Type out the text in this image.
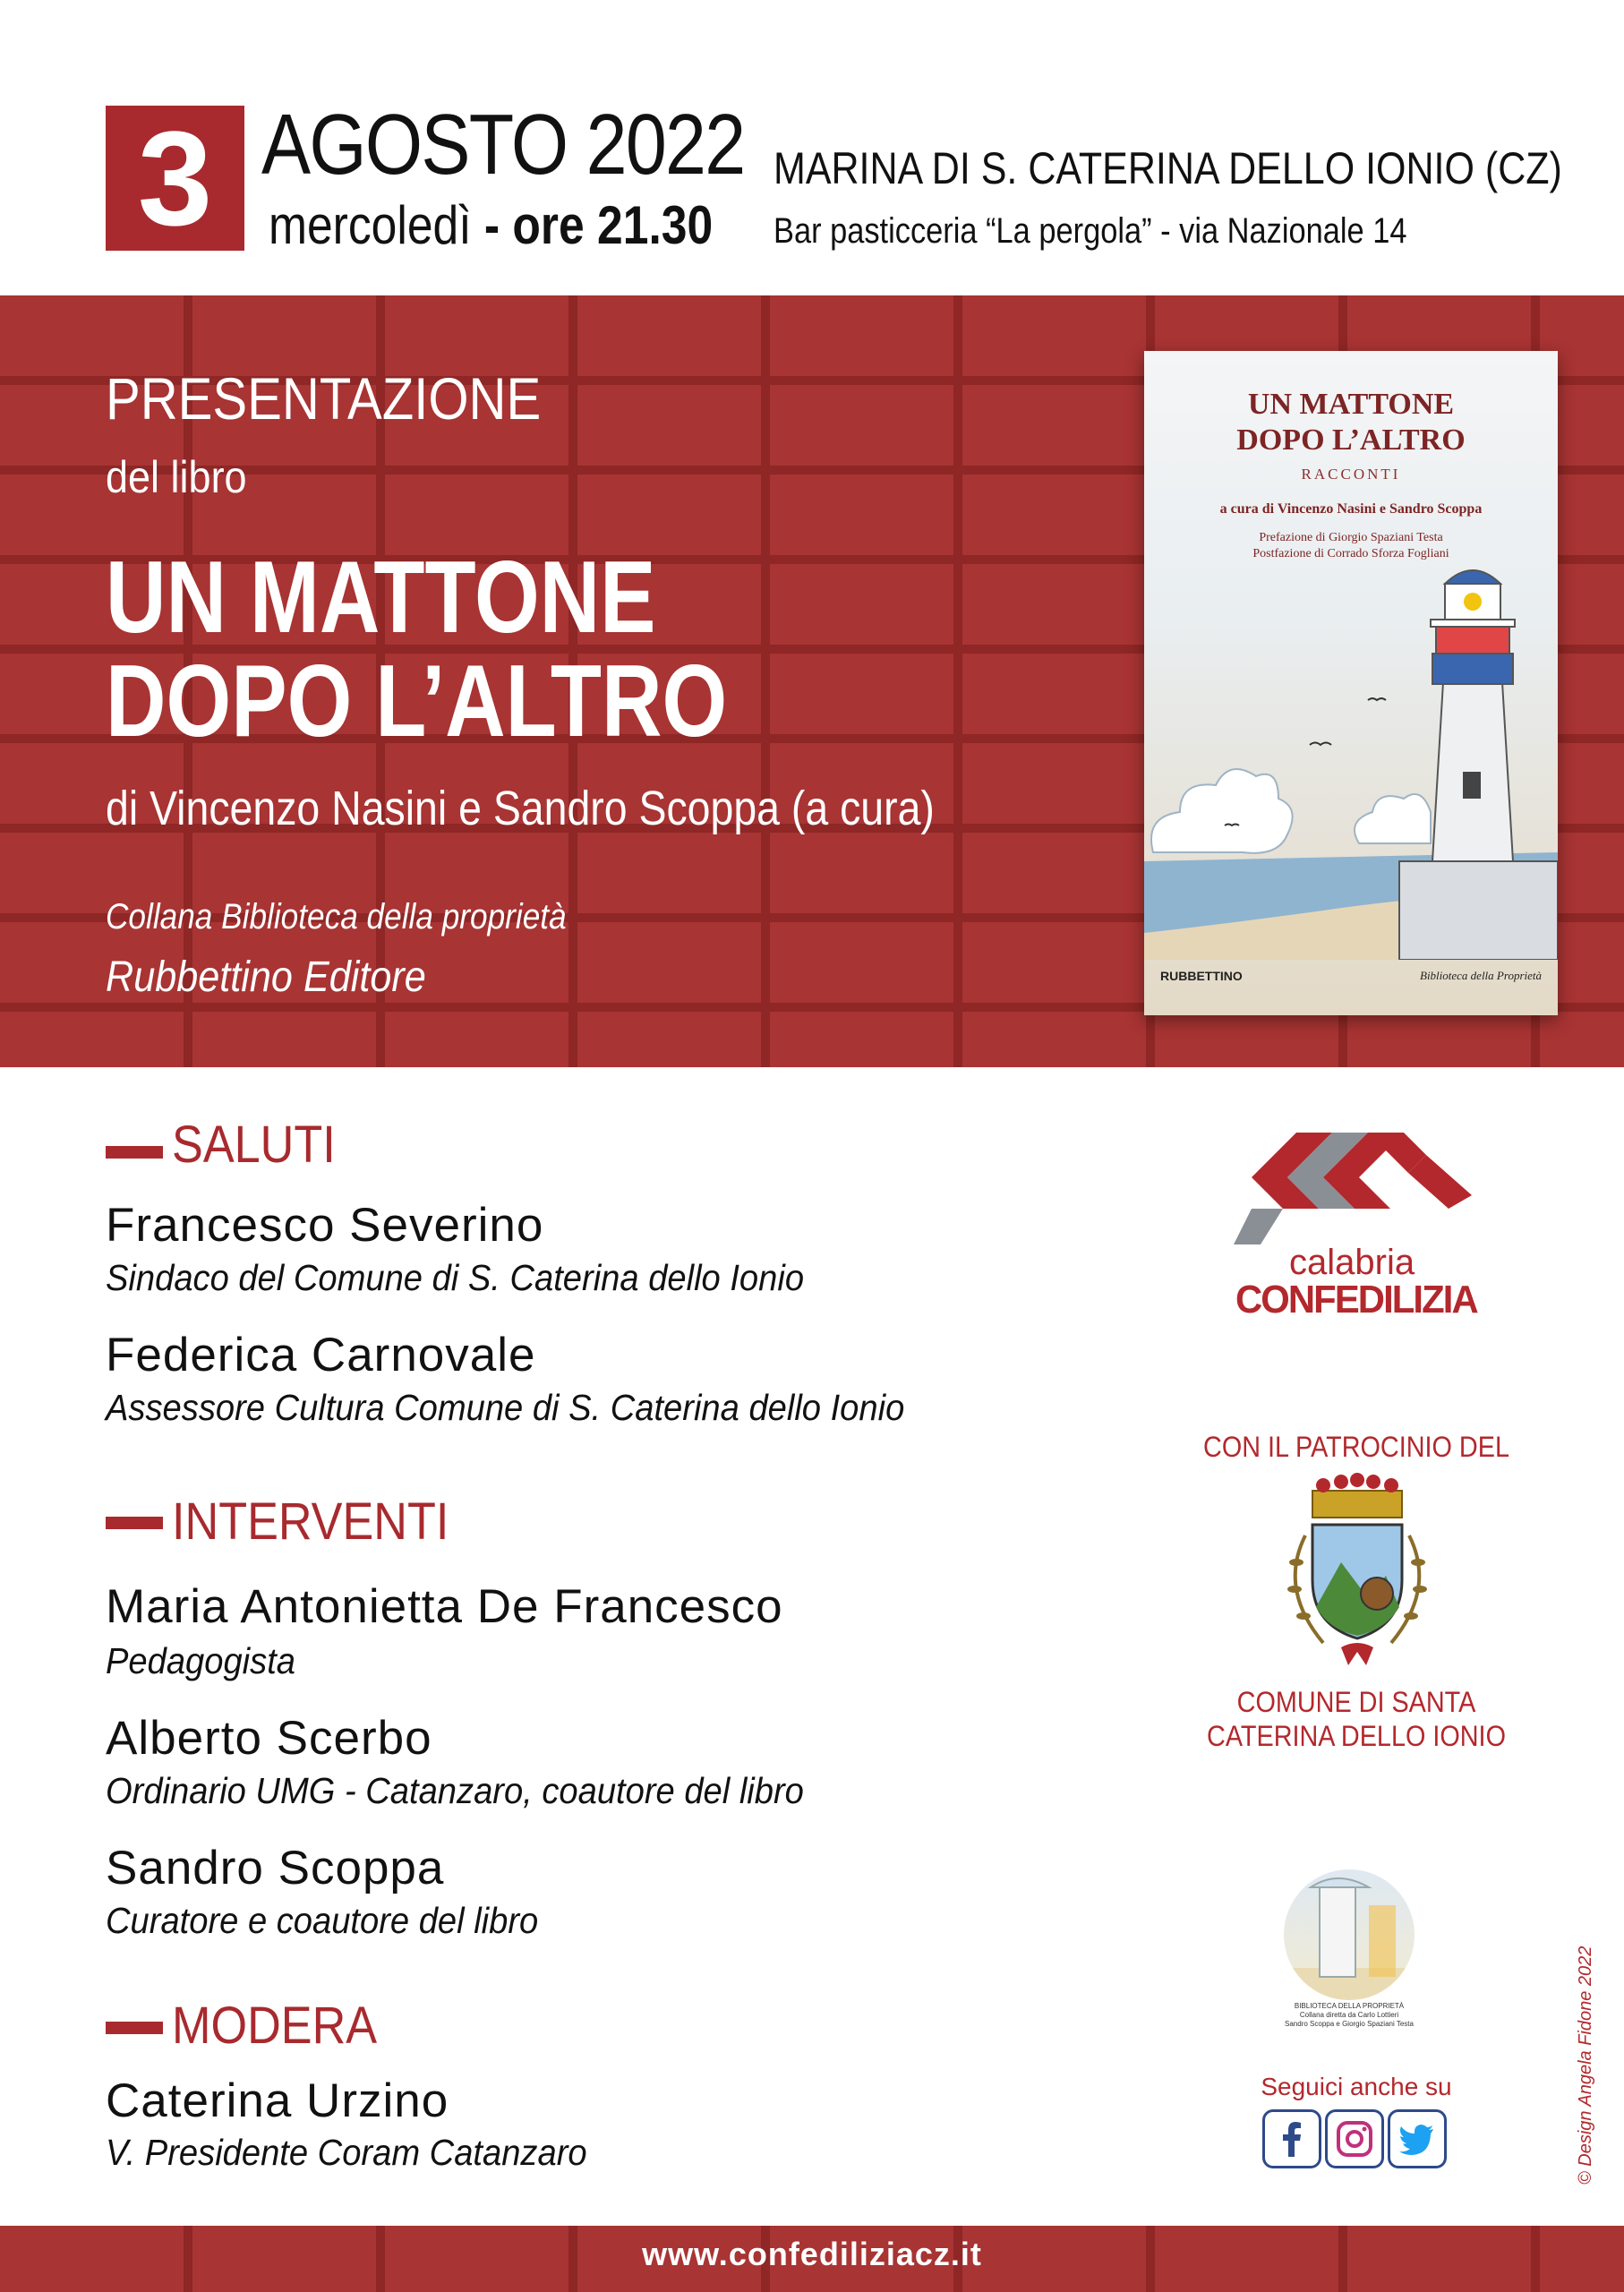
3 AGOSTO 2022
mercoledì - ore 21.30
MARINA DI S. CATERINA DELLO IONIO (CZ)
Bar pasticceria “La pergola” - via Nazionale 14
PRESENTAZIONE
del libro
UN MATTONE
DOPO L’ALTRO
di Vincenzo Nasini e Sandro Scoppa (a cura)
Collana Biblioteca della proprietà
Rubbettino Editore
UN MATTONE
DOPO L’ALTRO
RACCONTI
a cura di Vincenzo Nasini e Sandro Scoppa
Prefazione di Giorgio Spaziani Testa
Postfazione di Corrado Sforza Fogliani
RUBBETTINO	Biblioteca della Proprietà
SALUTI
Francesco Severino
Sindaco del Comune di S. Caterina dello Ionio
Federica Carnovale
Assessore Cultura Comune di S. Caterina dello Ionio
INTERVENTI
Maria Antonietta De Francesco
Pedagogista
Alberto Scerbo
Ordinario UMG - Catanzaro, coautore del libro
Sandro Scoppa
Curatore e coautore del libro
MODERA
Caterina Urzino
V. Presidente Coram Catanzaro
calabria
CONFEDILIZIA
CON IL PATROCINIO DEL
COMUNE DI SANTA
CATERINA DELLO IONIO
BIBLIOTECA DELLA PROPRIETÀ
Collana diretta da Carlo Lottieri
Sandro Scoppa e Giorgio Spaziani Testa
Seguici anche su	© Design Angela Fidone 2022
www.confediliziacz.it
